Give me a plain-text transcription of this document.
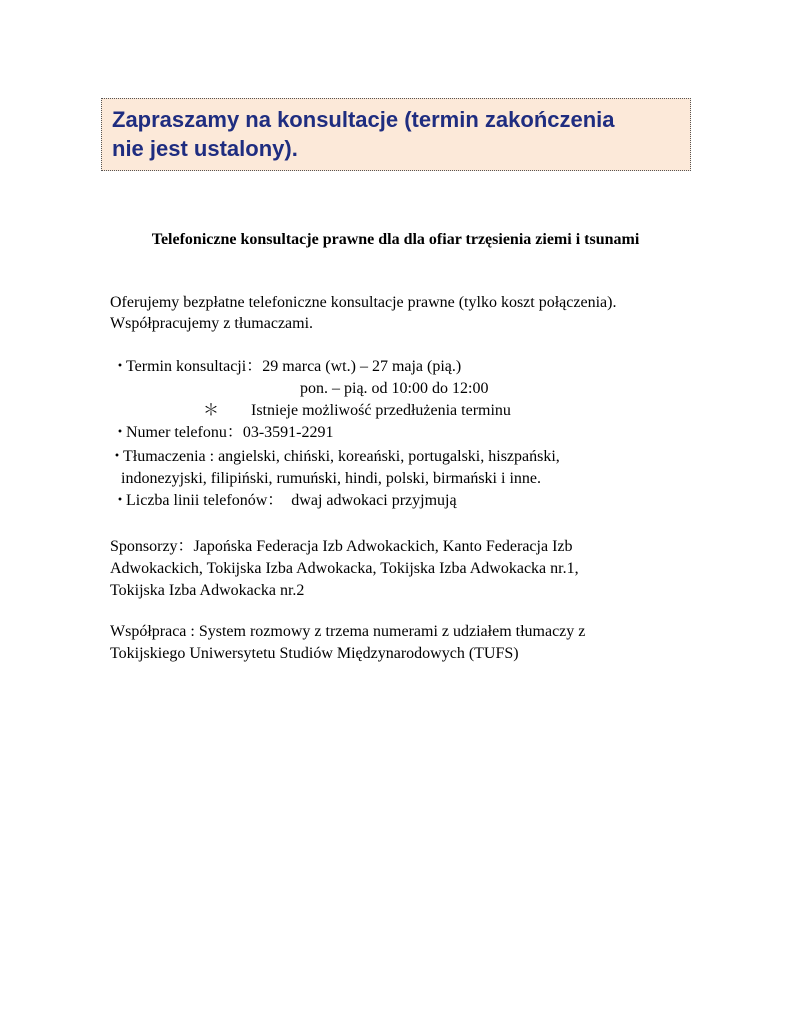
Zapraszamy na konsultacje (termin zakończenia
nie jest ustalony).
Telefoniczne konsultacje prawne dla dla ofiar trzęsienia ziemi i tsunami
Oferujemy bezpłatne telefoniczne konsultacje prawne (tylko koszt połączenia).
Współpracujemy z tłumaczami.
・Termin konsultacji：29 marca (wt.) – 27 maja (pią.)
pon. – pią. od 10:00 do 12:00
＊ Istnieje możliwość przedłużenia terminu
・Numer telefonu：03-3591-2291
・Tłumaczenia : angielski, chiński, koreański, portugalski, hiszpański,
indonezyjski, filipiński, rumuński, hindi, polski, birmański i inne.
・Liczba linii telefonów： dwaj adwokaci przyjmują
Sponsorzy：Japońska Federacja Izb Adwokackich, Kanto Federacja Izb
Adwokackich, Tokijska Izba Adwokacka, Tokijska Izba Adwokacka nr.1,
Tokijska Izba Adwokacka nr.2
Współpraca : System rozmowy z trzema numerami z udziałem tłumaczy z
Tokijskiego Uniwersytetu Studiów Międzynarodowych (TUFS)
